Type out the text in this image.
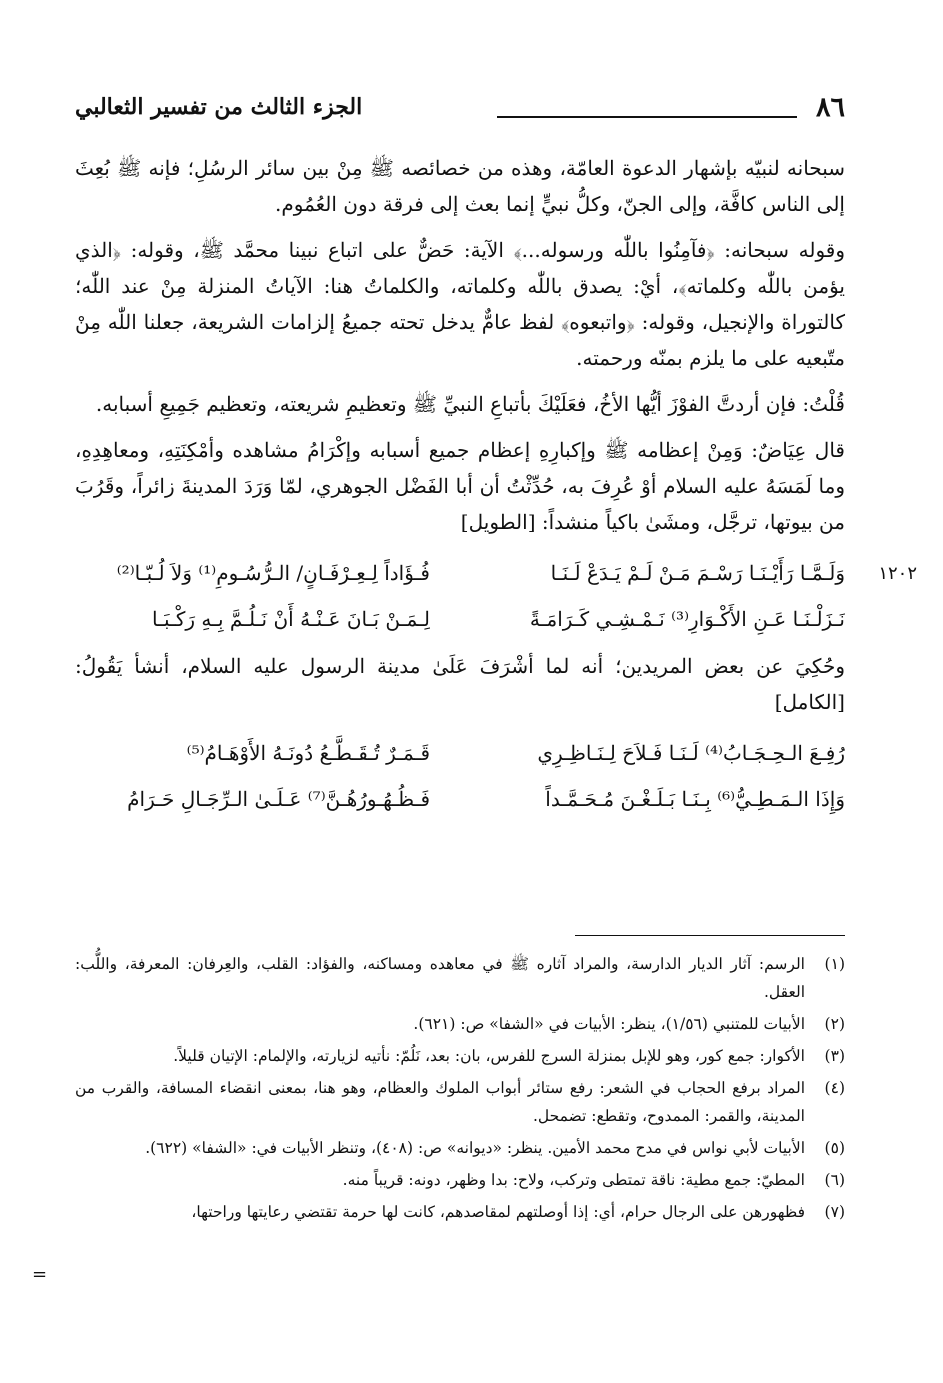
٨٦
الجزء الثالث من تفسير الثعالبي

سبحانه لنبيّه بإشهار الدعوة العامّة، وهذه من خصائصه ﷺ مِنْ بين سائر الرسُلِ؛ فإنه ﷺ بُعِثَ إلى الناس كافَّة، وإلى الجنّ، وكلُّ نبيٍّ إنما بعث إلى فرقة دون العُمُوم.

وقوله سبحانه: ﴿فآمِنُوا باللّٰه ورسوله...﴾ الآية: حَضٌّ على اتباع نبينا محمَّد ﷺ، وقوله: ﴿الذي يؤمن باللّٰه وكلماته﴾، أيْ: يصدق باللّٰه وكلماته، والكلماتُ هنا: الآياتُ المنزلة مِنْ عند اللّٰه؛ كالتوراة والإنجيل، وقوله: ﴿واتبعوه﴾ لفظ عامٌّ يدخل تحته جميعُ إلزامات الشريعة، جعلنا اللّٰه مِنْ متّبعيه على ما يلزم بمنّه ورحمته.

قُلْتُ: فإن أردتَّ الفوْزَ أيُّها الأخُ، فعَلَيْكَ بأتباعِ النبيِّ ﷺ وتعظيمِ شريعته، وتعظيم جَمِيعِ أسبابه.

قال عِيَاضٌ: وَمِنْ إعظامه ﷺ وإكبارِهِ إعظام جميع أسبابه وإكْرَامُ مشاهده وأمْكِنَتِهِ، ومعاهِدِهِ، وما لَمَسَهُ عليه السلام أوْ عُرِفَ به، حُدِّثْتُ أن أبا الفَضْل الجوهري، لمّا وَرَدَ المدينةَ زائراً، وقَرُبَ من بيوتها، ترجَّل، ومشَىٰ باكياً منشداً: [الطويل]

١٢٠٢
وَلَـمَّـا رَأَيْـنَـا رَسْـمَ مَـنْ لَـمْ يَـدَعْ لَـنَـا
فُـؤَاداً لِـعِـرْفَـانٍ/ الـرُّسُـومِ⁽¹⁾ وَلاَ لُـبّـا⁽²⁾
نَـزَلْـنَـا عَـنِ الأَكْـوَارِ⁽³⁾ نَـمْـشِـي كَـرَامَـةً
لِـمَـنْ بَـانَ عَـنْـهُ أَنْ نَـلُـمَّ بِـهِ رَكْـبَـا

وحُكِيَ عن بعض المريدين؛ أنه لما أشْرَفَ عَلَىٰ مدينة الرسول عليه السلام، أنشأ يَقُولُ: [الكامل]

رُفِـعَ الـحِـجَـابُ⁽⁴⁾ لَـنَـا فَـلاَحَ لِـنَـاظِـرِي
قَـمَـرٌ تُـقَـطَّـعُ دُونَـهُ الأَوْهَـامُ⁽⁵⁾
وَإِذَا الـمَـطِـيُّ⁽⁶⁾ بِـنَـا بَـلَـغْـنَ مُـحَـمَّـداً
فَـظُـهُـورُهُـنَّ⁽⁷⁾ عَـلَـىٰ الـرِّجَـالِ حَـرَامُ
(١)
الرسم: آثار الديار الدارسة، والمراد آثاره ﷺ في معاهده ومساكنه، والفؤاد: القلب، والعِرفان: المعرفة، واللُّب: العقل.
(٢)
الأبيات للمتنبي (١/٥٦)، ينظر: الأبيات في «الشفا» ص: (٦٢١).
(٣)
الأكوار: جمع كور، وهو للإبل بمنزلة السرج للفرس، بان: بعد، نَلُمّ: نأتيه لزيارته، والإلمام: الإتيان قليلاً.
(٤)
المراد برفع الحجاب في الشعر: رفع ستائر أبواب الملوك والعظام، وهو هنا، بمعنى انقضاء المسافة، والقرب من المدينة، والقمر: الممدوح، وتقطع: تضمحل.
(٥)
الأبيات لأبي نواس في مدح محمد الأمين. ينظر: «ديوانه» ص: (٤٠٨)، وتنظر الأبيات في: «الشفا» (٦٢٢).
(٦)
المطيّ: جمع مطية: ناقة تمتطى وتركب، ولاح: بدا وظهر، دونه: قريباً منه.
(٧)
فظهورهن على الرجال حرام، أي: إذا أوصلتهم لمقاصدهم، كانت لها حرمة تقتضي رعايتها وراحتها،
=
